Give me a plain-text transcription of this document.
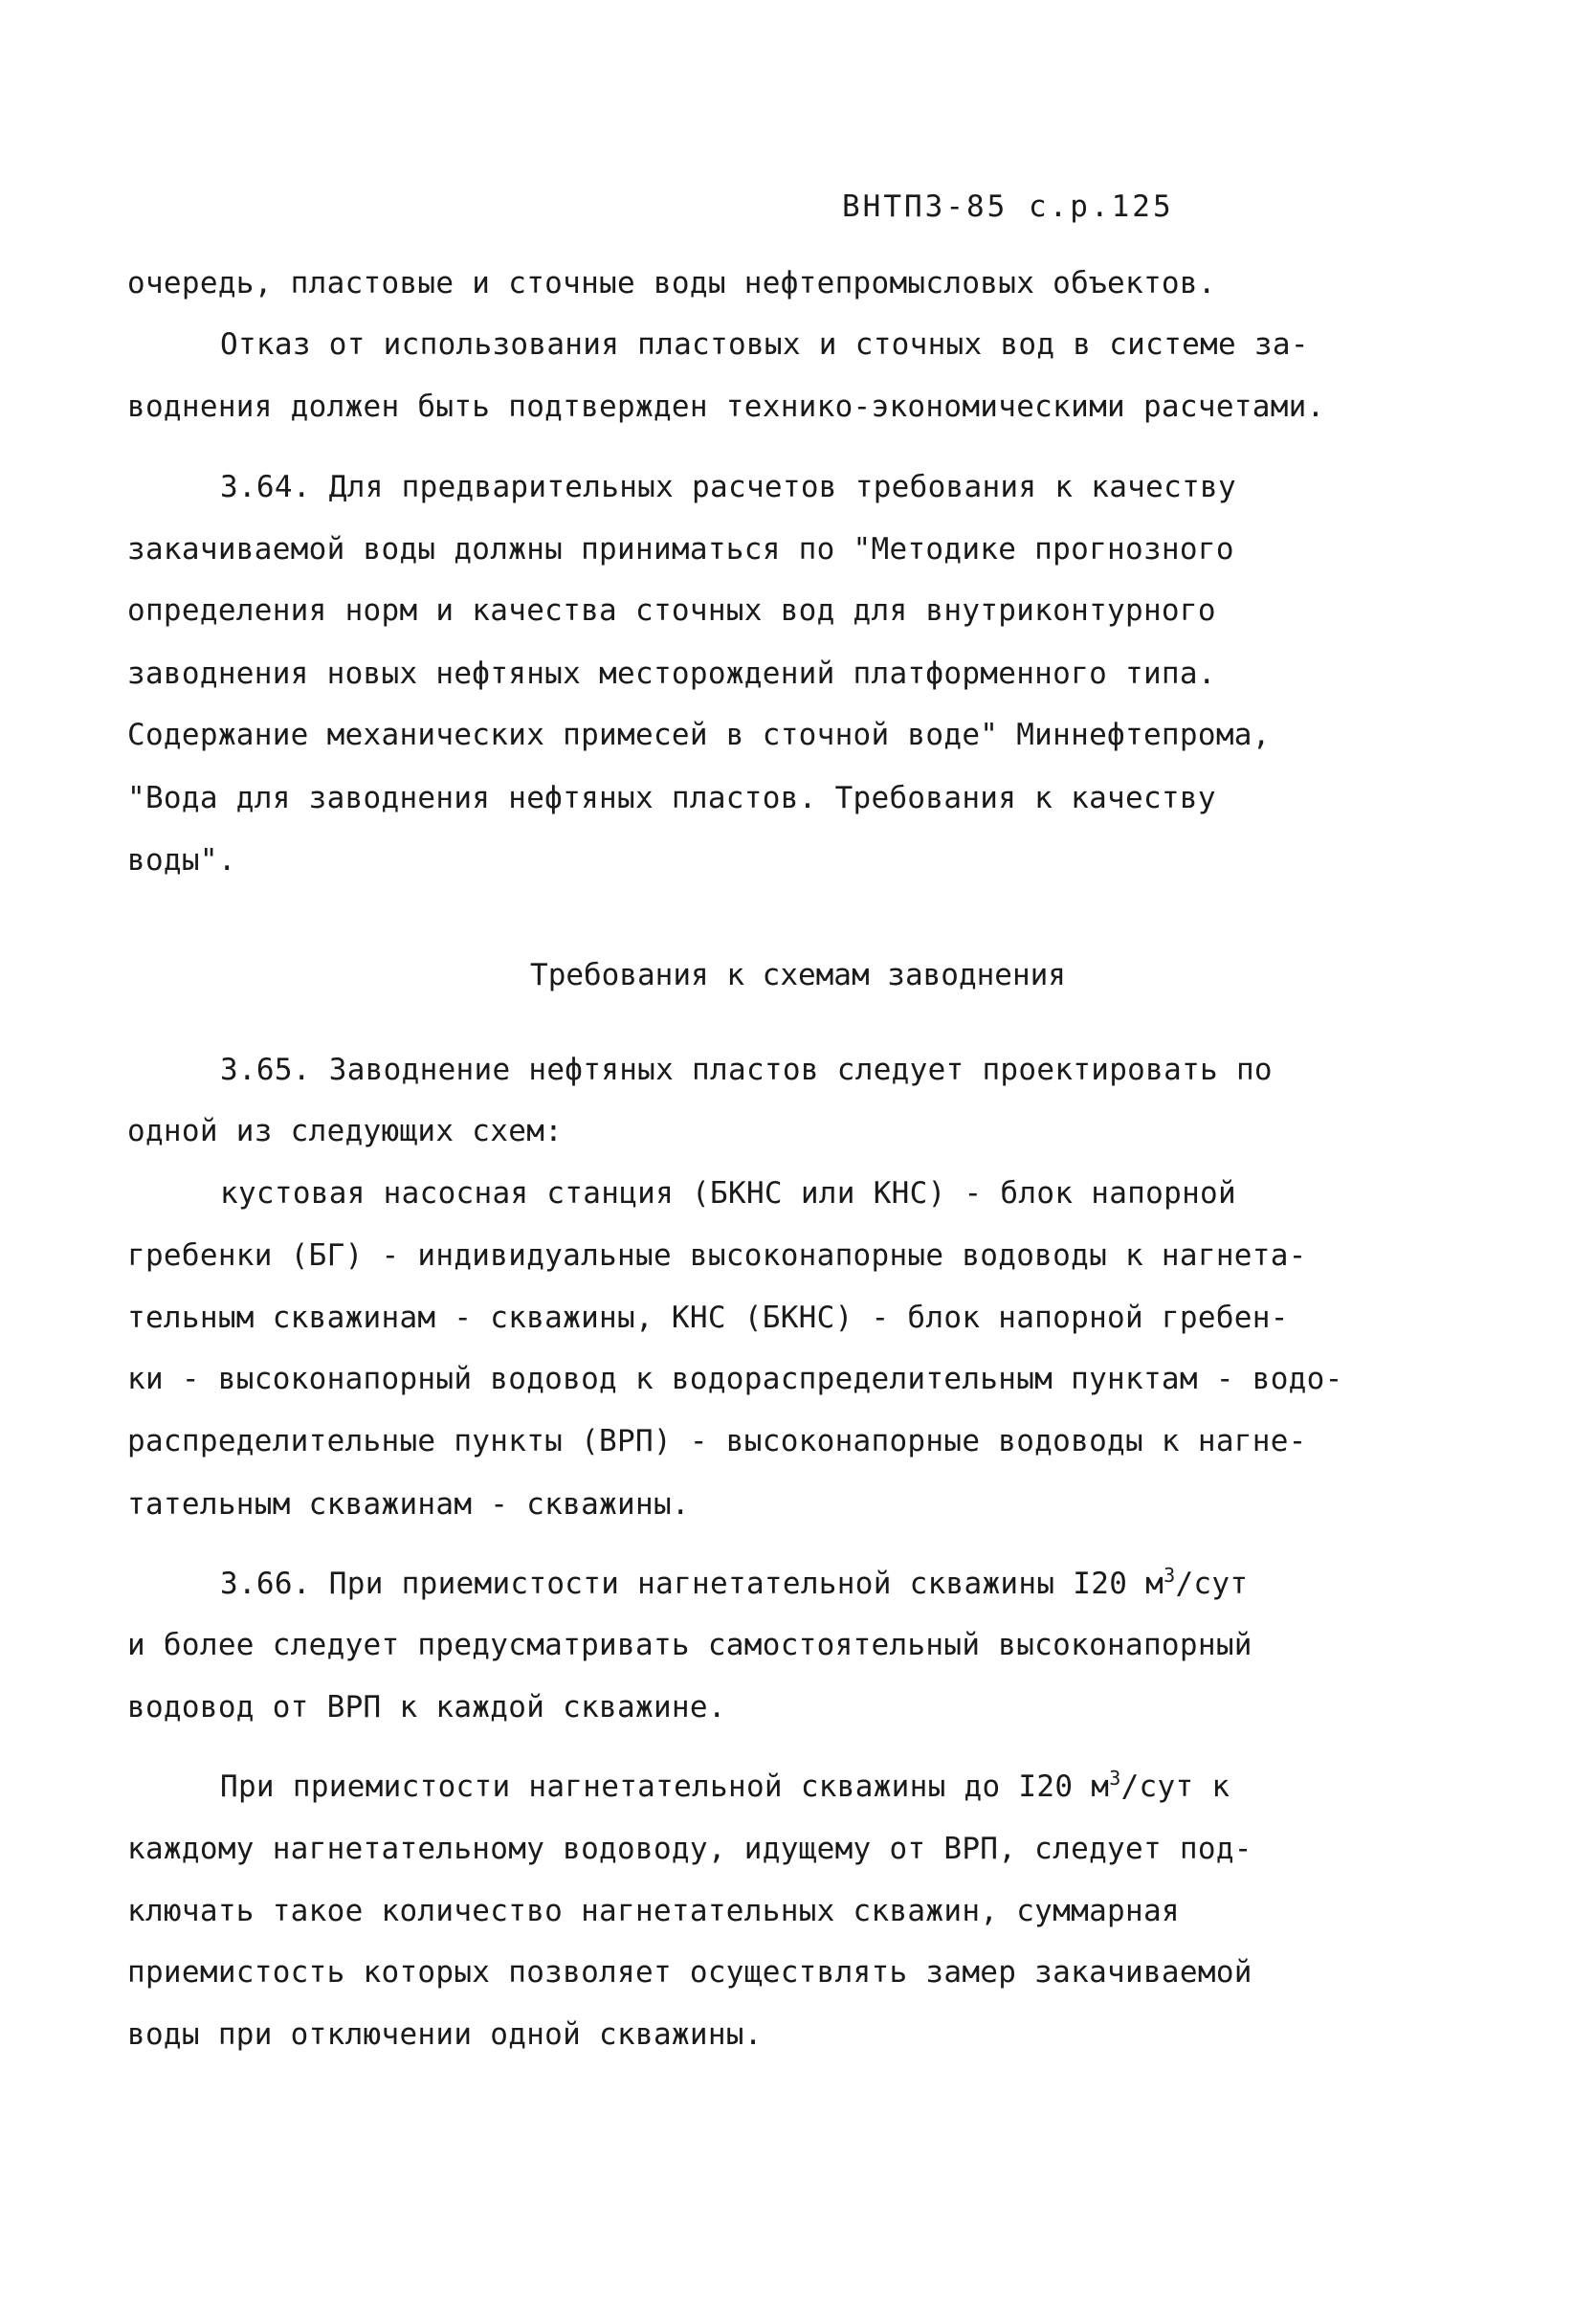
ВНТПЗ-85 с.р.125
очередь, пластовые и сточные воды нефтепромысловых объектов.
Отказ от использования пластовых и сточных вод в системе за-
воднения должен быть подтвержден технико-экономическими расчетами.
3.64. Для предварительных расчетов требования к качеству
закачиваемой воды должны приниматься по "Методике прогнозного
определения норм и качества сточных вод для внутриконтурного
заводнения новых нефтяных месторождений платформенного типа.
Содержание механических примесей в сточной воде" Миннефтепрома,
"Вода для заводнения нефтяных пластов. Требования к качеству
воды".
Требования к схемам заводнения
3.65. Заводнение нефтяных пластов следует проектировать по
одной из следующих схем:
кустовая насосная станция (БКНС или КНС) - блок напорной
гребенки (БГ) - индивидуальные высоконапорные водоводы к нагнета-
тельным скважинам - скважины, КНС (БКНС) - блок напорной гребен-
ки - высоконапорный водовод к водораспределительным пунктам - водо-
распределительные пункты (ВРП) - высоконапорные водоводы к нагне-
тательным скважинам - скважины.
3.66. При приемистости нагнетательной скважины I20 $м^3$/сут
и более следует предусматривать самостоятельный высоконапорный
водовод от ВРП к каждой скважине.
При приемистости нагнетательной скважины до I20 $м^3$/сут к
каждому нагнетательному водоводу, идущему от ВРП, следует под-
ключать такое количество нагнетательных скважин, суммарная
приемистость которых позволяет осуществлять замер закачиваемой
воды при отключении одной скважины.
